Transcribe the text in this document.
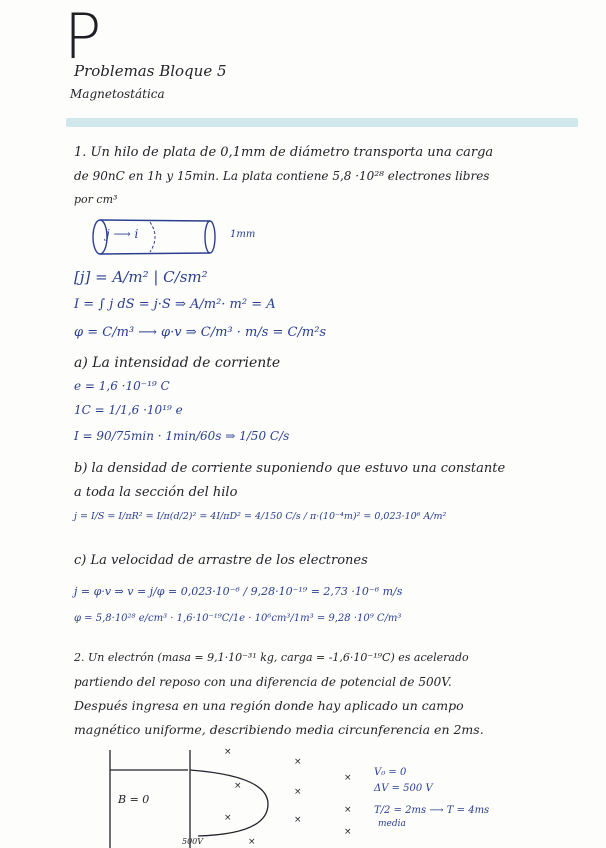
P
Problemas Bloque 5
Magnetostática
1. Un hilo de plata de 0,1mm de diámetro transporta una carga
de 90nC en 1h y 15min. La plata contiene 5,8 ·10²⁸ electrones libres
por cm³
j ⟶ i	1mm
[j] = A/m² | C/sm²
I = ∫ j dS = j·S ⇒ A/m²· m² = A
φ = C/m³ ⟶ φ·v ⇒ C/m³ · m/s = C/m²s
a) La intensidad de corriente
e = 1,6 ·10⁻¹⁹ C
1C = 1/1,6 ·10¹⁹ e
I = 90/75min · 1min/60s ⇒ 1/50 C/s
b) la densidad de corriente suponiendo que estuvo una constante
a toda la sección del hilo
j = I/S = I/πR² = I/π(d/2)² = 4I/πD² = 4/150 C/s / π·(10⁻⁴m)² = 0,023·10⁶ A/m²
c) La velocidad de arrastre de los electrones
j = φ·v ⇒ v = j/φ = 0,023·10⁻⁶ / 9,28·10⁻¹⁹ = 2,73 ·10⁻⁶ m/s
φ = 5,8·10²⁸ e/cm³ · 1,6·10⁻¹⁹C/1e · 10⁶cm³/1m³ = 9,28 ·10⁹ C/m³
2. Un electrón (masa = 9,1·10⁻³¹ kg, carga = -1,6·10⁻¹⁹C) es acelerado
partiendo del reposo con una diferencia de potencial de 500V.
Después ingresa en una región donde hay aplicado un campo
magnético uniforme, describiendo media circunferencia en 2ms.
×
×
×
×
×	×
×
×
×
×
B = 0
V₀ = 0
ΔV = 500 V
T/2 = 2ms ⟶ T = 4ms
media
500V
